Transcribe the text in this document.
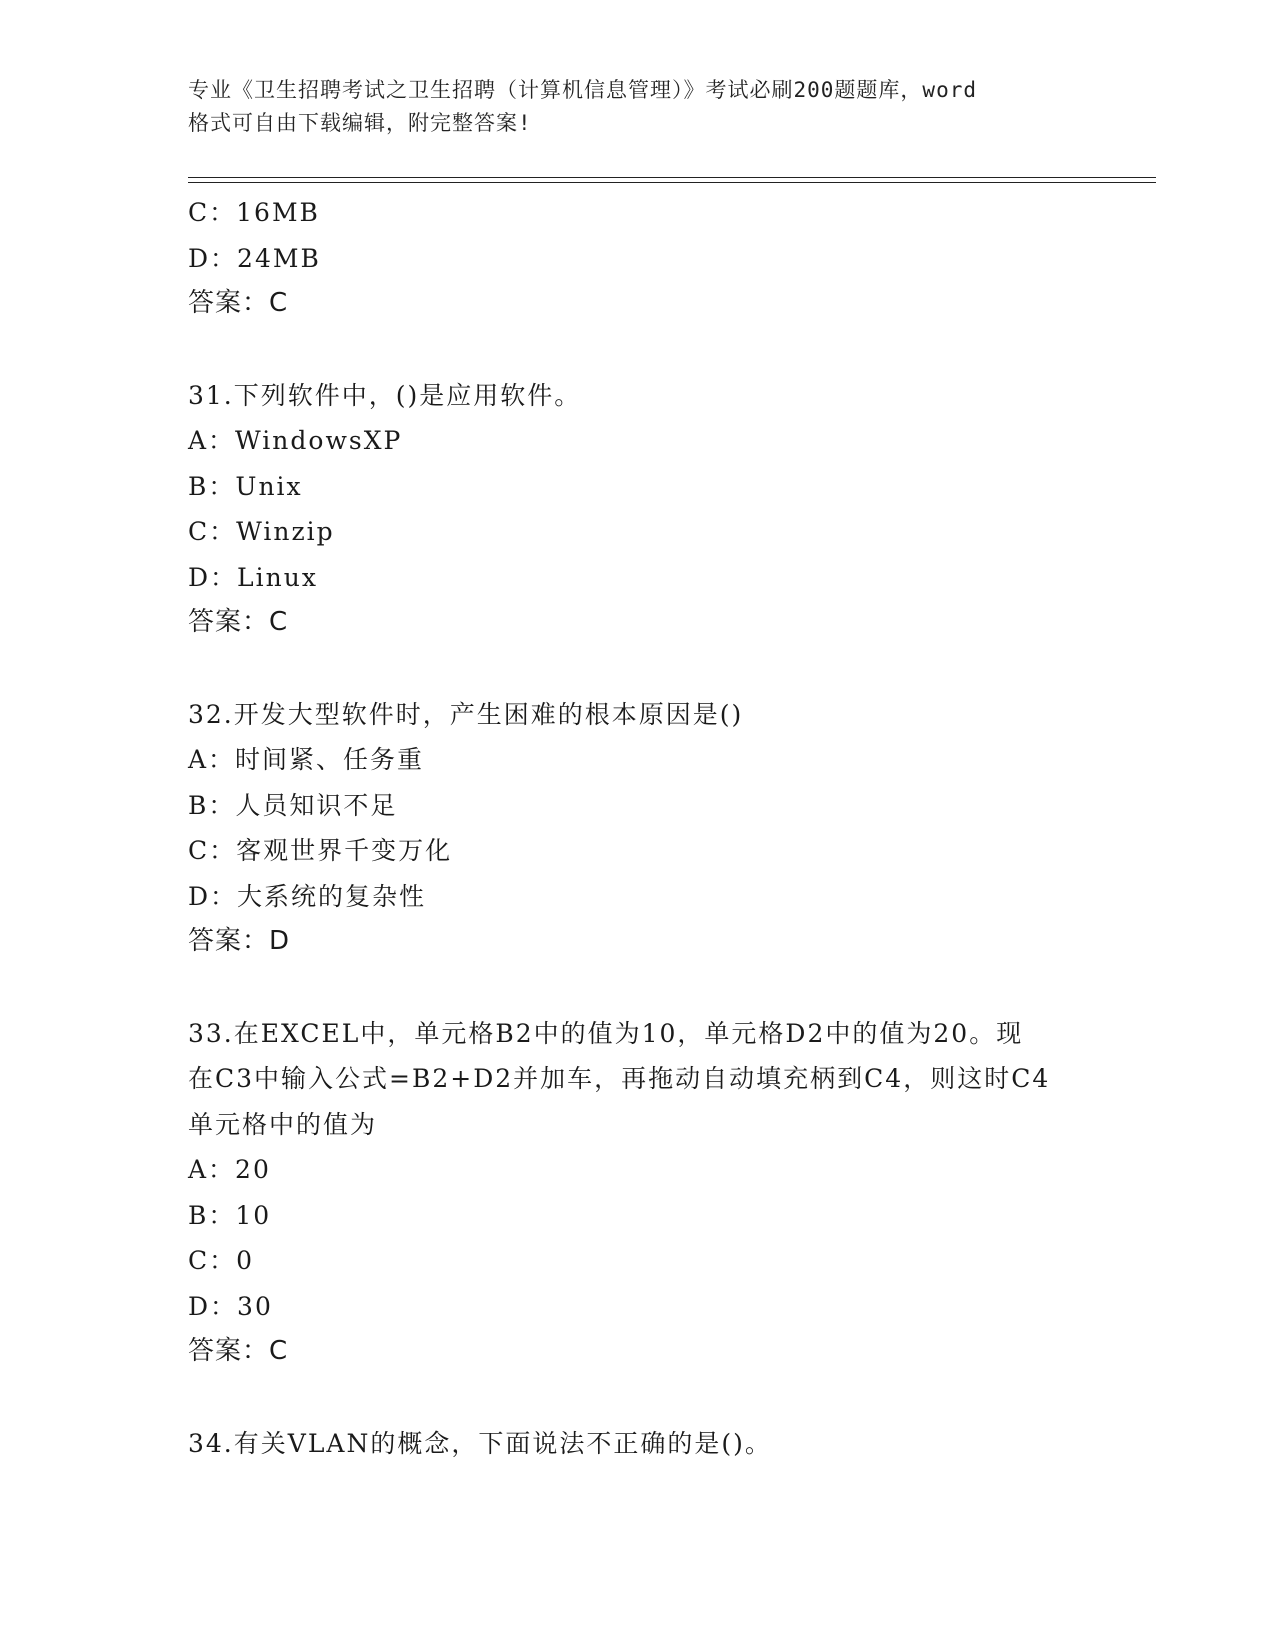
专业《卫生招聘考试之卫生招聘（计算机信息管理）》考试必刷200题题库，word
格式可自由下载编辑，附完整答案!
C：16MB
D：24MB
答案：C
31.下列软件中，()是应用软件。
A：WindowsXP
B：Unix
C：Winzip
D：Linux
答案：C
32.开发大型软件时，产生困难的根本原因是()
A：时间紧、任务重
B：人员知识不足
C：客观世界千变万化
D：大系统的复杂性
答案：D
33.在EXCEL中，单元格B2中的值为10，单元格D2中的值为20。现
在C3中输入公式=B2+D2并加车，再拖动自动填充柄到C4，则这时C4
单元格中的值为
A：20
B：10
C：0
D：30
答案：C
34.有关VLAN的概念，下面说法不正确的是()。
